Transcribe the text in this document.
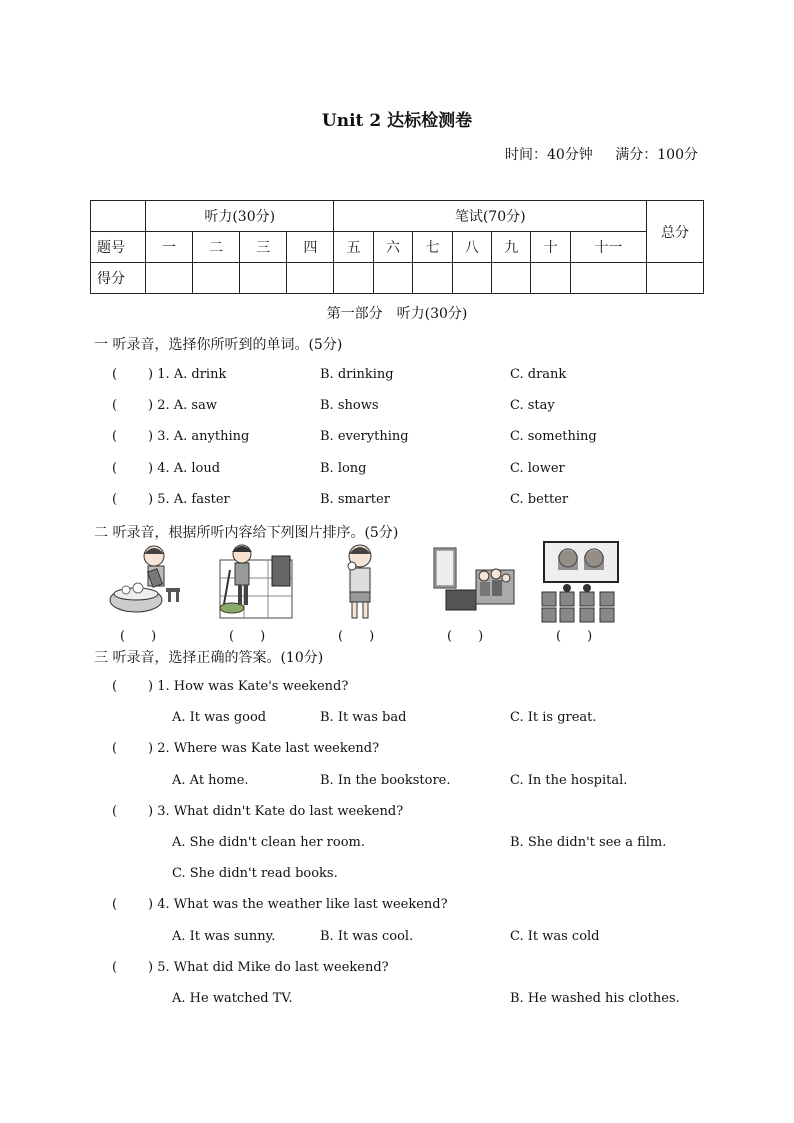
Unit 2 达标检测卷
时间：40分钟 满分：100分
	听力(30分)				笔试(70分)							总分
题号	一	二	三	四	五	六	七	八	九	十	十一	
得分												
第一部分　听力(30分)
一 听录音，选择你所听到的单词。(5分)
(	) 1. A. drink	B. drinking	C. drank
(	) 2. A. saw	B. shows	C. stay
(	) 3. A. anything	B. everything	C. something
(	) 4. A. loud	B. long	C. lower
(	) 5. A. faster	B. smarter	C. better
二 听录音，根据所听内容给下列图片排序。(5分)
(　　)	(　　)	(　　)	(　　)	(　　)
三 听录音，选择正确的答案。(10分)
(	) 1. How was Kate's weekend?
A. It was good	B. It was bad	C. It is great.
(	) 2. Where was Kate last weekend?
A. At home.	B. In the bookstore.	C. In the hospital.
(	) 3. What didn't Kate do last weekend?
A. She didn't clean her room.	B. She didn't see a film.
C. She didn't read books.
(	) 4. What was the weather like last weekend?
A. It was sunny.	B. It was cool.	C. It was cold
(	) 5. What did Mike do last weekend?
A. He watched TV.	B. He washed his clothes.
